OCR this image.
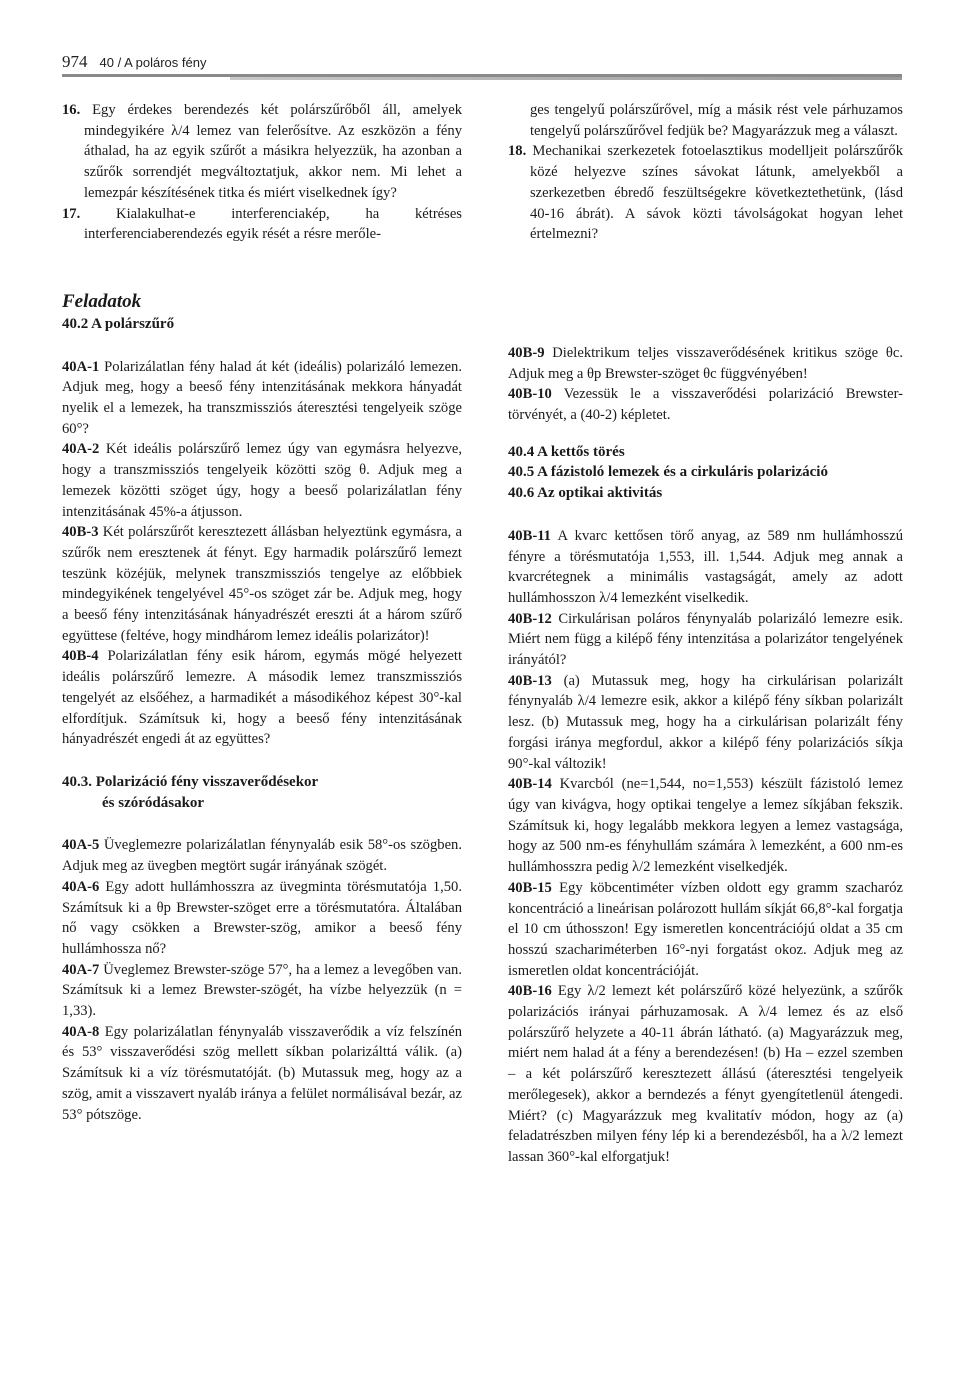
974 40 / A poláros fény
16. Egy érdekes berendezés két polárszűrőből áll, amelyek mindegyikére λ/4 lemez van felerősítve. Az eszközön a fény áthalad, ha az egyik szűrőt a másikra helyezzük, ha azonban a szűrők sorrendjét megváltoztatjuk, akkor nem. Mi lehet a lemezpár készítésének titka és miért viselkednek így?
17. Kialakulhat-e interferenciakép, ha kétréses interferenciaberendezés egyik rését a résre merőle-
Feladatok
40.2 A polárszűrő
40A-1 Polarizálatlan fény halad át két (ideális) polarizáló lemezen. Adjuk meg, hogy a beeső fény intenzitásának mekkora hányadát nyelik el a lemezek, ha transzmissziós áteresztési tengelyeik szöge 60°?
40A-2 Két ideális polárszűrő lemez úgy van egymásra helyezve, hogy a transzmissziós tengelyeik közötti szög θ. Adjuk meg a lemezek közötti szöget úgy, hogy a beeső polarizálatlan fény intenzitásának 45%-a átjusson.
40B-3 Két polárszűrőt keresztezett állásban helyeztünk egymásra, a szűrők nem eresztenek át fényt. Egy harmadik polárszűrő lemezt teszünk közéjük, melynek transzmissziós tengelye az előbbiek mindegyikének tengelyével 45°-os szöget zár be. Adjuk meg, hogy a beeső fény intenzitásának hányadrészét ereszti át a három szűrő együttese (feltéve, hogy mindhárom lemez ideális polarizátor)!
40B-4 Polarizálatlan fény esik három, egymás mögé helyezett ideális polárszűrő lemezre. A második lemez transzmissziós tengelyét az elsőéhez, a harmadikét a másodikéhoz képest 30°-kal elfordítjuk. Számítsuk ki, hogy a beeső fény intenzitásának hányadrészét engedi át az együttes?
40.3. Polarizáció fény visszaverődésekor
és szóródásakor
40A-5 Üveglemezre polarizálatlan fénynyaláb esik 58°-os szögben. Adjuk meg az üvegben megtört sugár irányának szögét.
40A-6 Egy adott hullámhosszra az üvegminta törésmutatója 1,50. Számítsuk ki a θp Brewster-szöget erre a törésmutatóra. Általában nő vagy csökken a Brewster-szög, amikor a beeső fény hullámhossza nő?
40A-7 Üveglemez Brewster-szöge 57°, ha a lemez a levegőben van. Számítsuk ki a lemez Brewster-szögét, ha vízbe helyezzük (n = 1,33).
40A-8 Egy polarizálatlan fénynyaláb visszaverődik a víz felszínén és 53° visszaverődési szög mellett síkban polarizálttá válik. (a) Számítsuk ki a víz törésmutatóját. (b) Mutassuk meg, hogy az a szög, amit a visszavert nyaláb iránya a felület normálisával bezár, az 53° pótszöge.
ges tengelyű polárszűrővel, míg a másik rést vele párhuzamos tengelyű polárszűrővel fedjük be? Magyarázzuk meg a választ.
18. Mechanikai szerkezetek fotoelasztikus modelljeit polárszűrők közé helyezve színes sávokat látunk, amelyekből a szerkezetben ébredő feszültségekre következtethetünk, (lásd 40-16 ábrát). A sávok közti távolságokat hogyan lehet értelmezni?
40B-9 Dielektrikum teljes visszaverődésének kritikus szöge θc. Adjuk meg a θp Brewster-szöget θc függvényében!
40B-10 Vezessük le a visszaverődési polarizáció Brewster-törvényét, a (40-2) képletet.
40.4 A kettős törés
40.5 A fázistoló lemezek és a cirkuláris polarizáció
40.6 Az optikai aktivitás
40B-11 A kvarc kettősen törő anyag, az 589 nm hullámhosszú fényre a törésmutatója 1,553, ill. 1,544. Adjuk meg annak a kvarcrétegnek a minimális vastagságát, amely az adott hullámhosszon λ/4 lemezként viselkedik.
40B-12 Cirkulárisan poláros fénynyaláb polarizáló lemezre esik. Miért nem függ a kilépő fény intenzitása a polarizátor tengelyének irányától?
40B-13 (a) Mutassuk meg, hogy ha cirkulárisan polarizált fénynyaláb λ/4 lemezre esik, akkor a kilépő fény síkban polarizált lesz. (b) Mutassuk meg, hogy ha a cirkulárisan polarizált fény forgási iránya megfordul, akkor a kilépő fény polarizációs síkja 90°-kal változik!
40B-14 Kvarcból (ne=1,544, no=1,553) készült fázistoló lemez úgy van kivágva, hogy optikai tengelye a lemez síkjában fekszik. Számítsuk ki, hogy legalább mekkora legyen a lemez vastagsága, hogy az 500 nm-es fényhullám számára λ lemezként, a 600 nm-es hullámhosszra pedig λ/2 lemezként viselkedjék.
40B-15 Egy köbcentiméter vízben oldott egy gramm szacharóz koncentráció a lineárisan polározott hullám síkját 66,8°-kal forgatja el 10 cm úthosszon! Egy ismeretlen koncentrációjú oldat a 35 cm hosszú szachariméterben 16°-nyi forgatást okoz. Adjuk meg az ismeretlen oldat koncentrációját.
40B-16 Egy λ/2 lemezt két polárszűrő közé helyezünk, a szűrők polarizációs irányai párhuzamosak. A λ/4 lemez és az első polárszűrő helyzete a 40-11 ábrán látható. (a) Magyarázzuk meg, miért nem halad át a fény a berendezésen! (b) Ha – ezzel szemben – a két polárszűrő keresztezett állású (áteresztési tengelyeik merőlegesek), akkor a berndezés a fényt gyengítetlenül átengedi. Miért? (c) Magyarázzuk meg kvalitatív módon, hogy az (a) feladatrészben milyen fény lép ki a berendezésből, ha a λ/2 lemezt lassan 360°-kal elforgatjuk!
